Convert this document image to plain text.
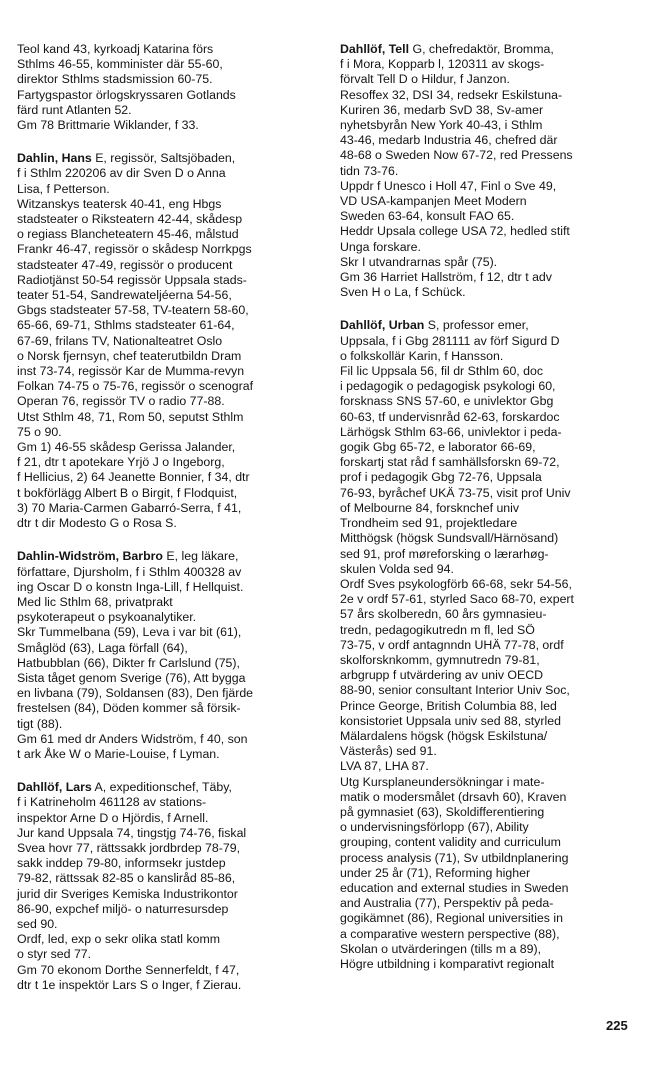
Teol kand 43, kyrkoadj Katarina förs
Sthlms 46-55, komminister där 55-60,
direktor Sthlms stadsmission 60-75.
Fartygspastor örlogskryssaren Gotlands
färd runt Atlanten 52.
Gm 78 Brittmarie Wiklander, f 33.
Dahlin, Hans E, regissör, Saltsjöbaden,
f i Sthlm 220206 av dir Sven D o Anna
Lisa, f Petterson.
Witzanskys teatersk 40-41, eng Hbgs
stadsteater o Riksteatern 42-44, skådesp
o regiass Blancheteatern 45-46, målstud
Frankr 46-47, regissör o skådesp Norrkpgs
stadsteater 47-49, regissör o producent
Radiotjänst 50-54 regissör Uppsala stads-
teater 51-54, Sandrewateljéerna 54-56,
Gbgs stadsteater 57-58, TV-teatern 58-60,
65-66, 69-71, Sthlms stadsteater 61-64,
67-69, frilans TV, Nationalteatret Oslo
o Norsk fjernsyn, chef teaterutbildn Dram
inst 73-74, regissör Kar de Mumma-revyn
Folkan 74-75 o 75-76, regissör o scenograf
Operan 76, regissör TV o radio 77-88.
Utst Sthlm 48, 71, Rom 50, seputst Sthlm
75 o 90.
Gm 1) 46-55 skådesp Gerissa Jalander,
f 21, dtr t apotekare Yrjö J o Ingeborg,
f Hellicius, 2) 64 Jeanette Bonnier, f 34, dtr
t bokförlägg Albert B o Birgit, f Flodquist,
3) 70 Maria-Carmen Gabarró-Serra, f 41,
dtr t dir Modesto G o Rosa S.
Dahlin-Widström, Barbro E, leg läkare,
författare, Djursholm, f i Sthlm 400328 av
ing Oscar D o konstn Inga-Lill, f Hellquist.
Med lic Sthlm 68, privatprakt
psykoterapeut o psykoanalytiker.
Skr Tummelbana (59), Leva i var bit (61),
Småglöd (63), Laga förfall (64),
Hatbubblan (66), Dikter fr Carlslund (75),
Sista tåget genom Sverige (76), Att bygga
en livbana (79), Soldansen (83), Den fjärde
frestelsen (84), Döden kommer så försik-
tigt (88).
Gm 61 med dr Anders Widström, f 40, son
t ark Åke W o Marie-Louise, f Lyman.
Dahllöf, Lars A, expeditionschef, Täby,
f i Katrineholm 461128 av stations-
inspektor Arne D o Hjördis, f Arnell.
Jur kand Uppsala 74, tingstjg 74-76, fiskal
Svea hovr 77, rättssakk jordbrdep 78-79,
sakk inddep 79-80, informsekr justdep
79-82, rättssak 82-85 o kanslіråd 85-86,
jurid dir Sveriges Kemiska Industrikontor
86-90, expchef miljö- o naturresursdep
sed 90.
Ordf, led, exp o sekr olika statl komm
o styr sed 77.
Gm 70 ekonom Dorthe Sennerfeldt, f 47,
dtr t 1e inspektör Lars S o Inger, f Zierau.
Dahllöf, Tell G, chefredaktör, Bromma,
f i Mora, Kopparb l, 120311 av skogs-
förvalt Tell D o Hildur, f Janzon.
Resoffex 32, DSI 34, redsekr Eskilstuna-
Kuriren 36, medarb SvD 38, Sv-amer
nyhetsbyrån New York 40-43, i Sthlm
43-46, medarb Industria 46, chefred där
48-68 o Sweden Now 67-72, red Pressens
tidn 73-76.
Uppdr f Unesco i Holl 47, Finl o Sve 49,
VD USA-kampanjen Meet Modern
Sweden 63-64, konsult FAO 65.
Heddr Upsala college USA 72, hedled stift
Unga forskare.
Skr I utvandrarnas spår (75).
Gm 36 Harriet Hallström, f 12, dtr t adv
Sven H o La, f Schück.
Dahllöf, Urban S, professor emer,
Uppsala, f i Gbg 281111 av förf Sigurd D
o folkskollär Karin, f Hansson.
Fil lic Uppsala 56, fil dr Sthlm 60, doc
i pedagogik o pedagogisk psykologi 60,
forsknass SNS 57-60, e univlektor Gbg
60-63, tf undervisnråd 62-63, forskardoc
Lärhögsk Sthlm 63-66, univlektor i peda-
gogik Gbg 65-72, e laborator 66-69,
forskartj stat råd f samhällsforskn 69-72,
prof i pedagogik Gbg 72-76, Uppsala
76-93, byråchef UKÄ 73-75, visit prof Univ
of Melbourne 84, forsknchef univ
Trondheim sed 91, projektledare
Mitthögsk (högsk Sundsvall/Härnösand)
sed 91, prof møreforsking o lærarhøg-
skulen Volda sed 94.
Ordf Sves psykologförb 66-68, sekr 54-56,
2e v ordf 57-61, styrled Saco 68-70, expert
57 års skolberedn, 60 års gymnasieu-
tredn, pedagogikutredn m fl, led SÖ
73-75, v ordf antagnndn UHÄ 77-78, ordf
skolforsknkomm, gymnutredn 79-81,
arbgrupp f utvärdering av univ OECD
88-90, senior consultant Interior Univ Soc,
Prince George, British Columbia 88, led
konsistoriet Uppsala univ sed 88, styrled
Mälardalens högsk (högsk Eskilstuna/
Västerås) sed 91.
LVA 87, LHA 87.
Utg Kursplaneundersökningar i mate-
matik o modersmålet (drsavh 60), Kraven
på gymnasiet (63), Skoldifferentiering
o undervisningsförlopp (67), Ability
grouping, content validity and curriculum
process analysis (71), Sv utbildnplanering
under 25 år (71), Reforming higher
education and external studies in Sweden
and Australia (77), Perspektiv på peda-
gogikämnet (86), Regional universities in
a comparative western perspective (88),
Skolan o utvärderingen (tills m a 89),
Högre utbildning i komparativt regionalt
225
